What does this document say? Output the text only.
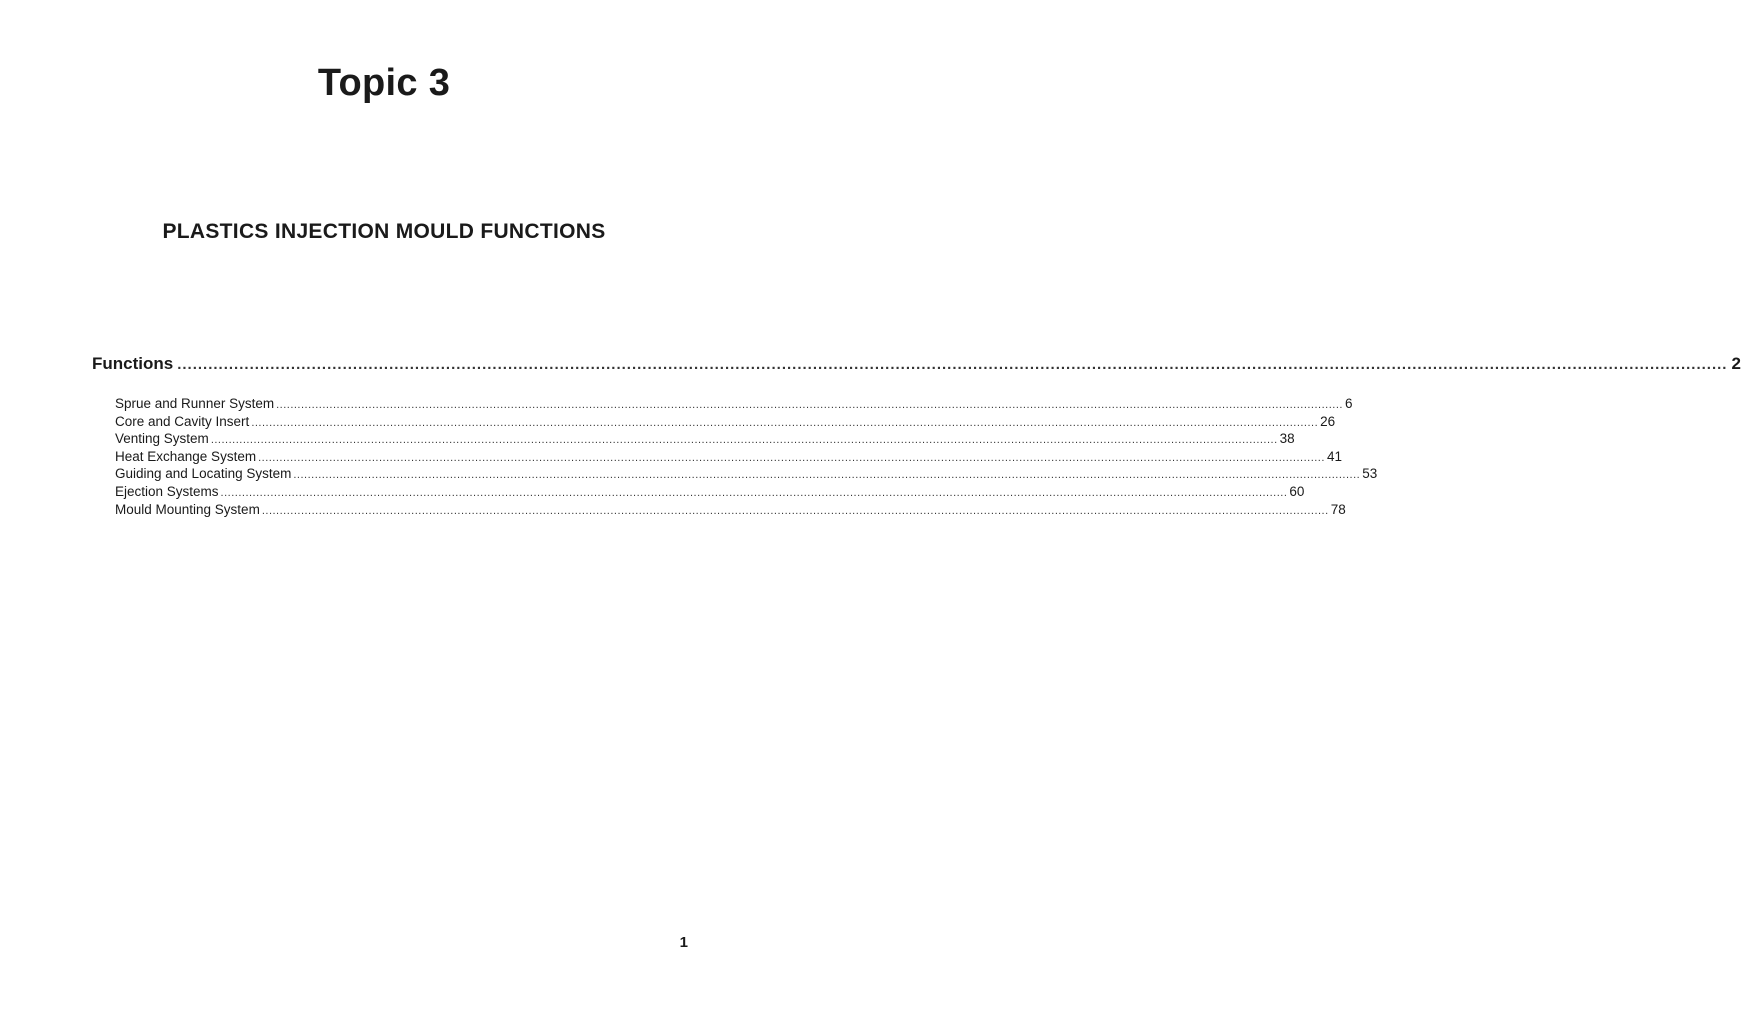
Topic 3
PLASTICS INJECTION MOULD FUNCTIONS
Functions ............................................................................................................................................................................................................................................................................................................ 2
Sprue and Runner System ............................................................................................................................................................................................................................................................................................................ 6
Core and Cavity Insert ............................................................................................................................................................................................................................................................................................................ 26
Venting System ............................................................................................................................................................................................................................................................................................................ 38
Heat Exchange System ............................................................................................................................................................................................................................................................................................................ 41
Guiding and Locating System ............................................................................................................................................................................................................................................................................................................ 53
Ejection Systems ............................................................................................................................................................................................................................................................................................................ 60
Mould Mounting System ............................................................................................................................................................................................................................................................................................................ 78
1
